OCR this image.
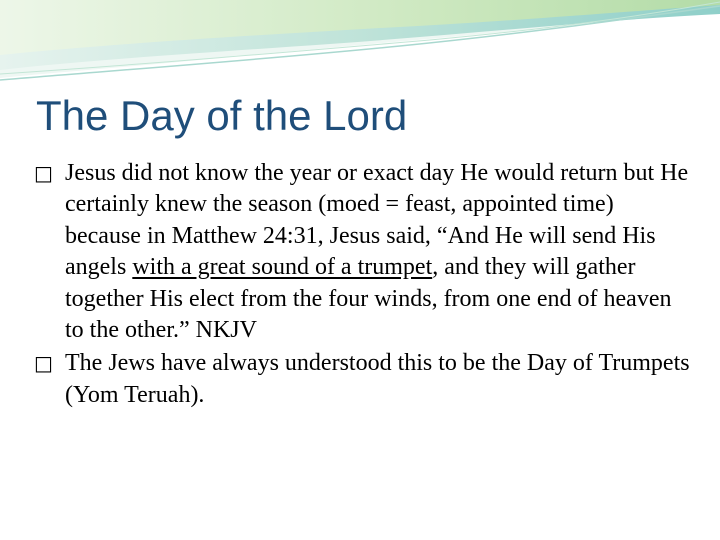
The Day of the Lord
□ Jesus did not know the year or exact day He would return but He certainly knew the season (moed = feast, appointed time) because in Matthew 24:31, Jesus said, “And He will send His angels with a great sound of a trumpet, and they will gather together His elect from the four winds, from one end of heaven to the other.” NKJV
□ The Jews have always understood this to be the Day of Trumpets (Yom Teruah).
